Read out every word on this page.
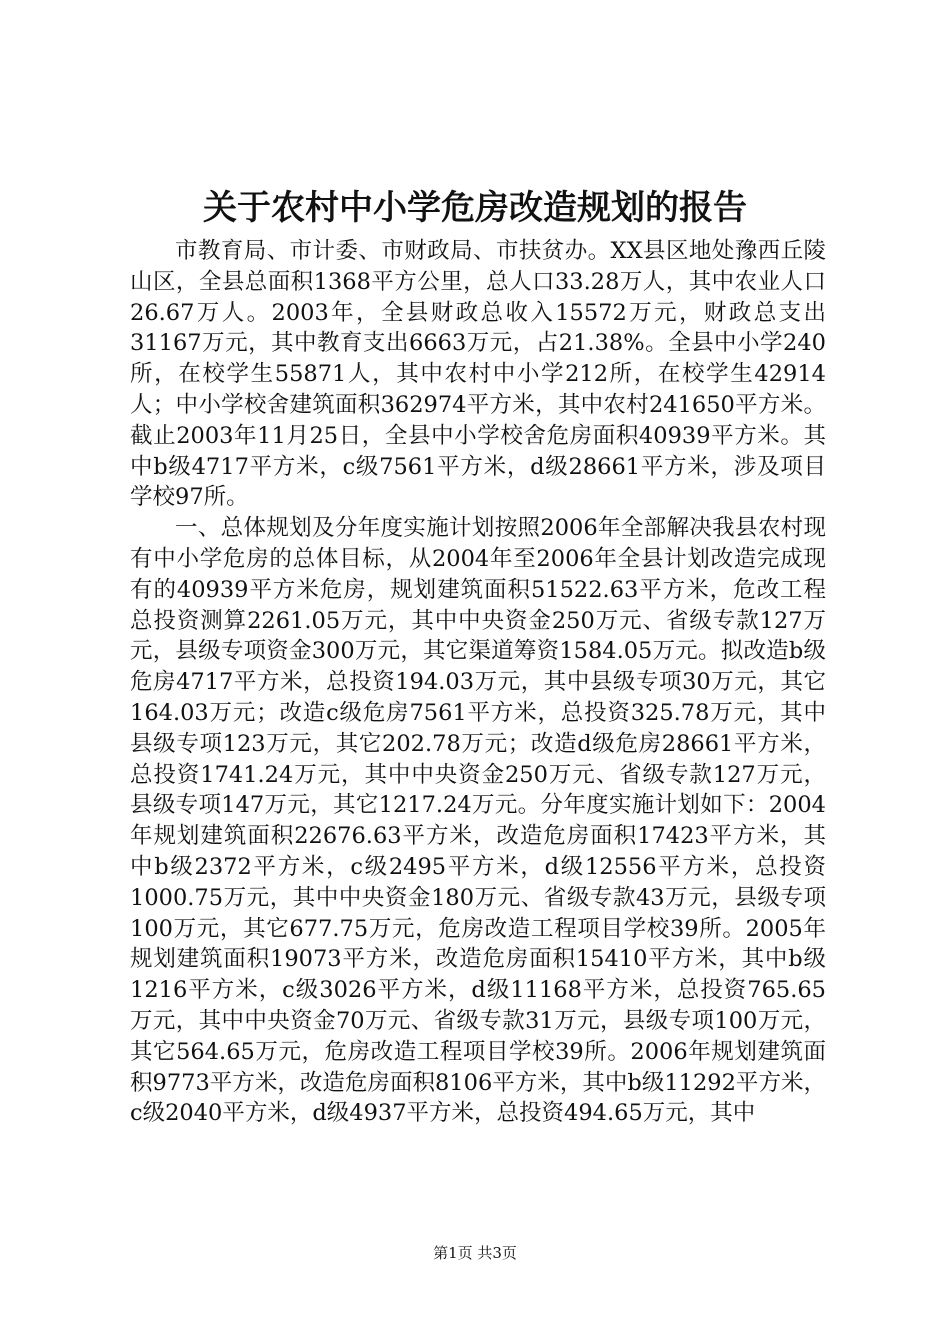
关于农村中小学危房改造规划的报告

市教育局、市计委、市财政局、市扶贫办。XX县区地处豫西丘陵山区，全县总面积1368平方公里，总人口33.28万人，其中农业人口26.67万人。2003年，全县财政总收入15572万元，财政总支出31167万元，其中教育支出6663万元，占21.38%。全县中小学240所，在校学生55871人，其中农村中小学212所，在校学生42914人；中小学校舍建筑面积362974平方米，其中农村241650平方米。截止2003年11月25日，全县中小学校舍危房面积40939平方米。其中b级4717平方米，c级7561平方米，d级28661平方米，涉及项目学校97所。

一、总体规划及分年度实施计划按照2006年全部解决我县农村现有中小学危房的总体目标，从2004年至2006年全县计划改造完成现有的40939平方米危房，规划建筑面积51522.63平方米，危改工程总投资测算2261.05万元，其中中央资金250万元、省级专款127万元，县级专项资金300万元，其它渠道筹资1584.05万元。拟改造b级危房4717平方米，总投资194.03万元，其中县级专项30万元，其它164.03万元；改造c级危房7561平方米，总投资325.78万元，其中县级专项123万元，其它202.78万元；改造d级危房28661平方米，总投资1741.24万元，其中中央资金250万元、省级专款127万元，县级专项147万元，其它1217.24万元。分年度实施计划如下：2004年规划建筑面积22676.63平方米，改造危房面积17423平方米，其中b级2372平方米，c级2495平方米，d级12556平方米，总投资1000.75万元，其中中央资金180万元、省级专款43万元，县级专项100万元，其它677.75万元，危房改造工程项目学校39所。2005年规划建筑面积19073平方米，改造危房面积15410平方米，其中b级1216平方米，c级3026平方米，d级11168平方米，总投资765.65万元，其中中央资金70万元、省级专款31万元，县级专项100万元，其它564.65万元，危房改造工程项目学校39所。2006年规划建筑面积9773平方米，改造危房面积8106平方米，其中b级11292平方米，c级2040平方米，d级4937平方米，总投资494.65万元，其中

第1页 共3页
